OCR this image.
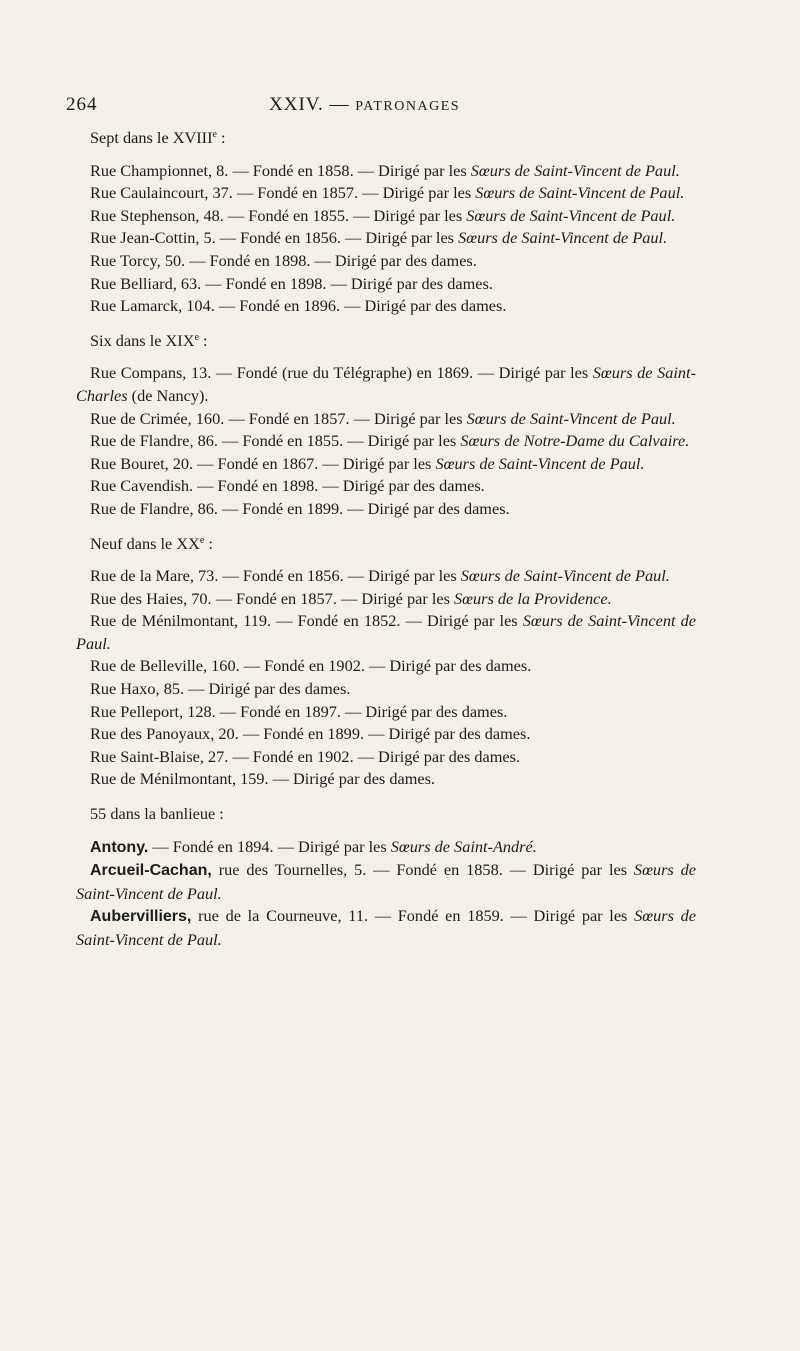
264	XXIV. — PATRONAGES

Sept dans le XVIIIe :

Rue Championnet, 8. — Fondé en 1858. — Dirigé par les Sœurs de Saint-Vincent de Paul.

Rue Caulaincourt, 37. — Fondé en 1857. — Dirigé par les Sœurs de Saint-Vincent de Paul.

Rue Stephenson, 48. — Fondé en 1855. — Dirigé par les Sœurs de Saint-Vincent de Paul.

Rue Jean-Cottin, 5. — Fondé en 1856. — Dirigé par les Sœurs de Saint-Vincent de Paul.

Rue Torcy, 50. — Fondé en 1898. — Dirigé par des dames.

Rue Belliard, 63. — Fondé en 1898. — Dirigé par des dames.

Rue Lamarck, 104. — Fondé en 1896. — Dirigé par des dames.

Six dans le XIXe :

Rue Compans, 13. — Fondé (rue du Télégraphe) en 1869. — Dirigé par les Sœurs de Saint-Charles (de Nancy).

Rue de Crimée, 160. — Fondé en 1857. — Dirigé par les Sœurs de Saint-Vincent de Paul.

Rue de Flandre, 86. — Fondé en 1855. — Dirigé par les Sœurs de Notre-Dame du Calvaire.

Rue Bouret, 20. — Fondé en 1867. — Dirigé par les Sœurs de Saint-Vincent de Paul.

Rue Cavendish. — Fondé en 1898. — Dirigé par des dames.

Rue de Flandre, 86. — Fondé en 1899. — Dirigé par des dames.

Neuf dans le XXe :

Rue de la Mare, 73. — Fondé en 1856. — Dirigé par les Sœurs de Saint-Vincent de Paul.

Rue des Haies, 70. — Fondé en 1857. — Dirigé par les Sœurs de la Providence.

Rue de Ménilmontant, 119. — Fondé en 1852. — Dirigé par les Sœurs de Saint-Vincent de Paul.

Rue de Belleville, 160. — Fondé en 1902. — Dirigé par des dames.

Rue Haxo, 85. — Dirigé par des dames.

Rue Pelleport, 128. — Fondé en 1897. — Dirigé par des dames.

Rue des Panoyaux, 20. — Fondé en 1899. — Dirigé par des dames.

Rue Saint-Blaise, 27. — Fondé en 1902. — Dirigé par des dames.

Rue de Ménilmontant, 159. — Dirigé par des dames.

55 dans la banlieue :

Antony. — Fondé en 1894. — Dirigé par les Sœurs de Saint-André.

Arcueil-Cachan, rue des Tournelles, 5. — Fondé en 1858. — Dirigé par les Sœurs de Saint-Vincent de Paul.

Aubervilliers, rue de la Courneuve, 11. — Fondé en 1859. — Dirigé par les Sœurs de Saint-Vincent de Paul.
